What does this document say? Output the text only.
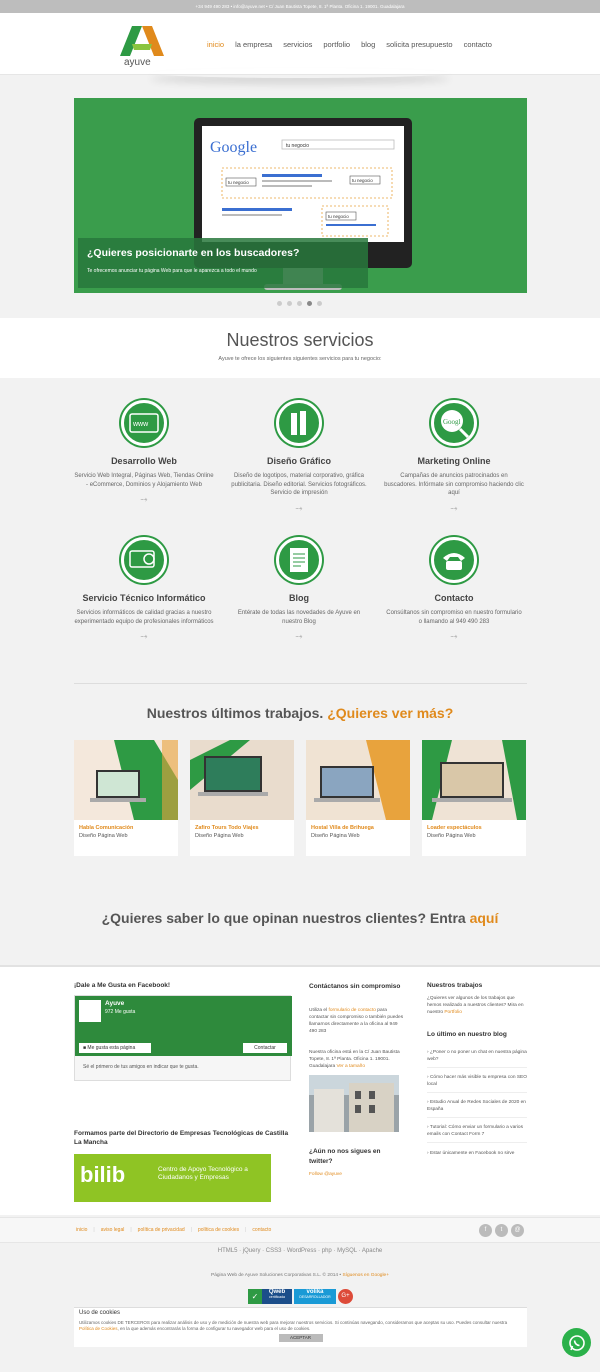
+34 949 490 283 • info@ayuve.net • C/ Juan Bautista Topete, 8. 1ª Planta. Oficina 1. 19001. Guadalajara
ayuve
inicio la empresa servicios portfolio blog solicita presupuesto contacto
Google	tu negocio
tu negocio	tu negocio
tu negocio
¿Quieres posicionarte en los buscadores?
Te ofrecemos anunciar tu página Web para que le aparezca a todo el mundo
Nuestros servicios
Ayuve te ofrece los siguientes siguientes servicios para tu negocio:
www
Desarrollo Web
Servicio Web Integral, Páginas Web, Tiendas Online - eCommerce, Dominios y Alojamiento Web
⤑
Diseño Gráfico
Diseño de logotipos, material corporativo, gráfica publicitaria. Diseño editorial. Servicios fotográficos. Servicio de impresión
⤑
Googl
Marketing Online
Campañas de anuncios patrocinados en buscadores. Infórmate sin compromiso haciendo clic aquí
⤑
Servicio Técnico Informático
Servicios informáticos de calidad gracias a nuestro experimentado equipo de profesionales informáticos
⤑
Blog
Entérate de todas las novedades de Ayuve en nuestro Blog
⤑
Contacto
Consúltanos sin compromiso en nuestro formulario o llamando al 949 490 283
⤑
Nuestros últimos trabajos. ¿Quieres ver más?
Habla Comunicación
Diseño Página Web
Zafiro Tours Todo Viajes
Diseño Página Web
Hostal Villa de Brihuega
Diseño Página Web
Loader espectáculos
Diseño Página Web
¿Quieres saber lo que opinan nuestros clientes? Entra aquí
¡Dale a Me Gusta en Facebook!
Ayuve
972 Me gusta
■ Me gusta esta página	Contactar
Sé el primero de tus amigos en indicar que te gusta.
Formamos parte del Directorio de Empresas Tecnológicas de Castilla La Mancha
bilib	Centro de Apoyo Tecnológico a Ciudadanos y Empresas
Contáctanos sin compromiso
Utiliza el formulario de contacto para contactar sin compromiso o también puedes llamarnos directamente a la oficina al 949 490 283
Nuestra oficina está en la C/ Juan Bautista Topete, 8. 1ª Planta. Oficina 1. 19001. Guadalajara Ver a tamaño
¿Aún no nos sigues en twitter?
Follow @ayuve
Nuestros trabajos
¿Quieres ver algunos de los trabajos que hemos realizado a nuestros clientes? Mira en nuestro Portfolio
Lo último en nuestro blog
› ¿Poner o no poner un chat en nuestra página web?
› Cómo hacer más visible tu empresa con SEO local
› Estudio Anual de Redes Sociales de 2020 en España
› Tutorial: Cómo enviar un formulario a varios emails con Contact Form 7
› Estar únicamente en Facebook no sirve
inicio | aviso legal | política de privacidad | política de cookies | contacto	f	t	@
HTML5 · jQuery · CSS3 · WordPress · php · MySQL · Apache
Página Web de Ayuve Soluciones Corporativas S.L. © 2014 • Síguenos en Google+
✓	Qweb
certificada
volika
DESARROLLADOR	G+
Uso de cookies
Utilizamos cookies DE TERCEROS para realizar análisis de uso y de medición de nuestra web para mejorar nuestros servicios. Si continúas navegando, consideramos que aceptas su uso. Puedes consultar nuestra Política de Cookies, en la que además encontrarás la forma de configurar tu navegador web para el uso de cookies.
ACEPTAR
